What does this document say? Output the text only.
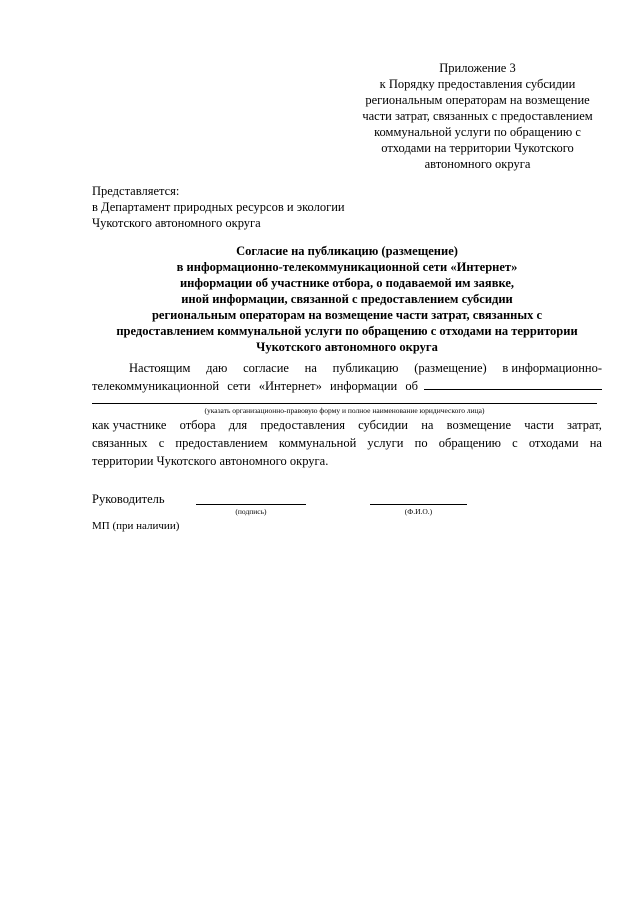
Приложение 3
к Порядку предоставления субсидии
региональным операторам на возмещение
части затрат, связанных с предоставлением
коммунальной услуги по обращению с
отходами на территории Чукотского
автономного округа
Представляется:
в Департамент природных ресурсов и экологии
Чукотского автономного округа
Согласие на публикацию (размещение)
в информационно-телекоммуникационной сети «Интернет»
информации об участнике отбора, о подаваемой им заявке,
иной информации, связанной с предоставлением субсидии
региональным операторам на возмещение части затрат, связанных с
предоставлением коммунальной услуги по обращению с отходами на территории
Чукотского автономного округа
Настоящим даю согласие на публикацию (размещение) в информационно-
телекоммуникационной сети «Интернет» информации об
(указать организационно-правовую форму и полное наименование юридического лица)
как участнике отбора для предоставления субсидии на возмещение части затрат,
связанных с предоставлением коммунальной услуги по обращению с отходами на
территории Чукотского автономного округа.
Руководитель
(подпись)	(Ф.И.О.)
МП (при наличии)
